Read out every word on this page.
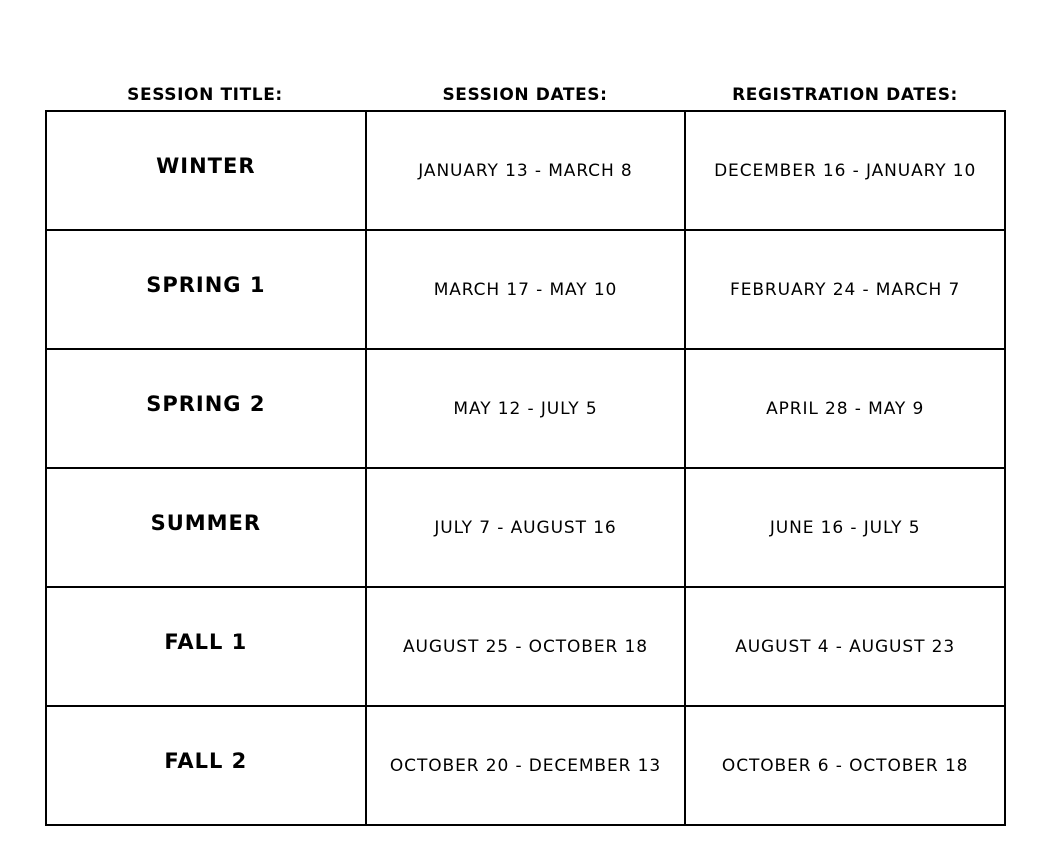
SESSION TITLE:	SESSION DATES:	REGISTRATION DATES:
WINTER	JANUARY 13 - MARCH 8	DECEMBER 16 - JANUARY 10
SPRING 1	MARCH 17 - MAY 10	FEBRUARY 24 - MARCH 7
SPRING 2	MAY 12 - JULY 5	APRIL 28 - MAY 9
SUMMER	JULY 7 - AUGUST 16	JUNE 16 - JULY 5
FALL 1	AUGUST 25 - OCTOBER 18	AUGUST 4 - AUGUST 23
FALL 2	OCTOBER 20 - DECEMBER 13	OCTOBER 6 - OCTOBER 18
